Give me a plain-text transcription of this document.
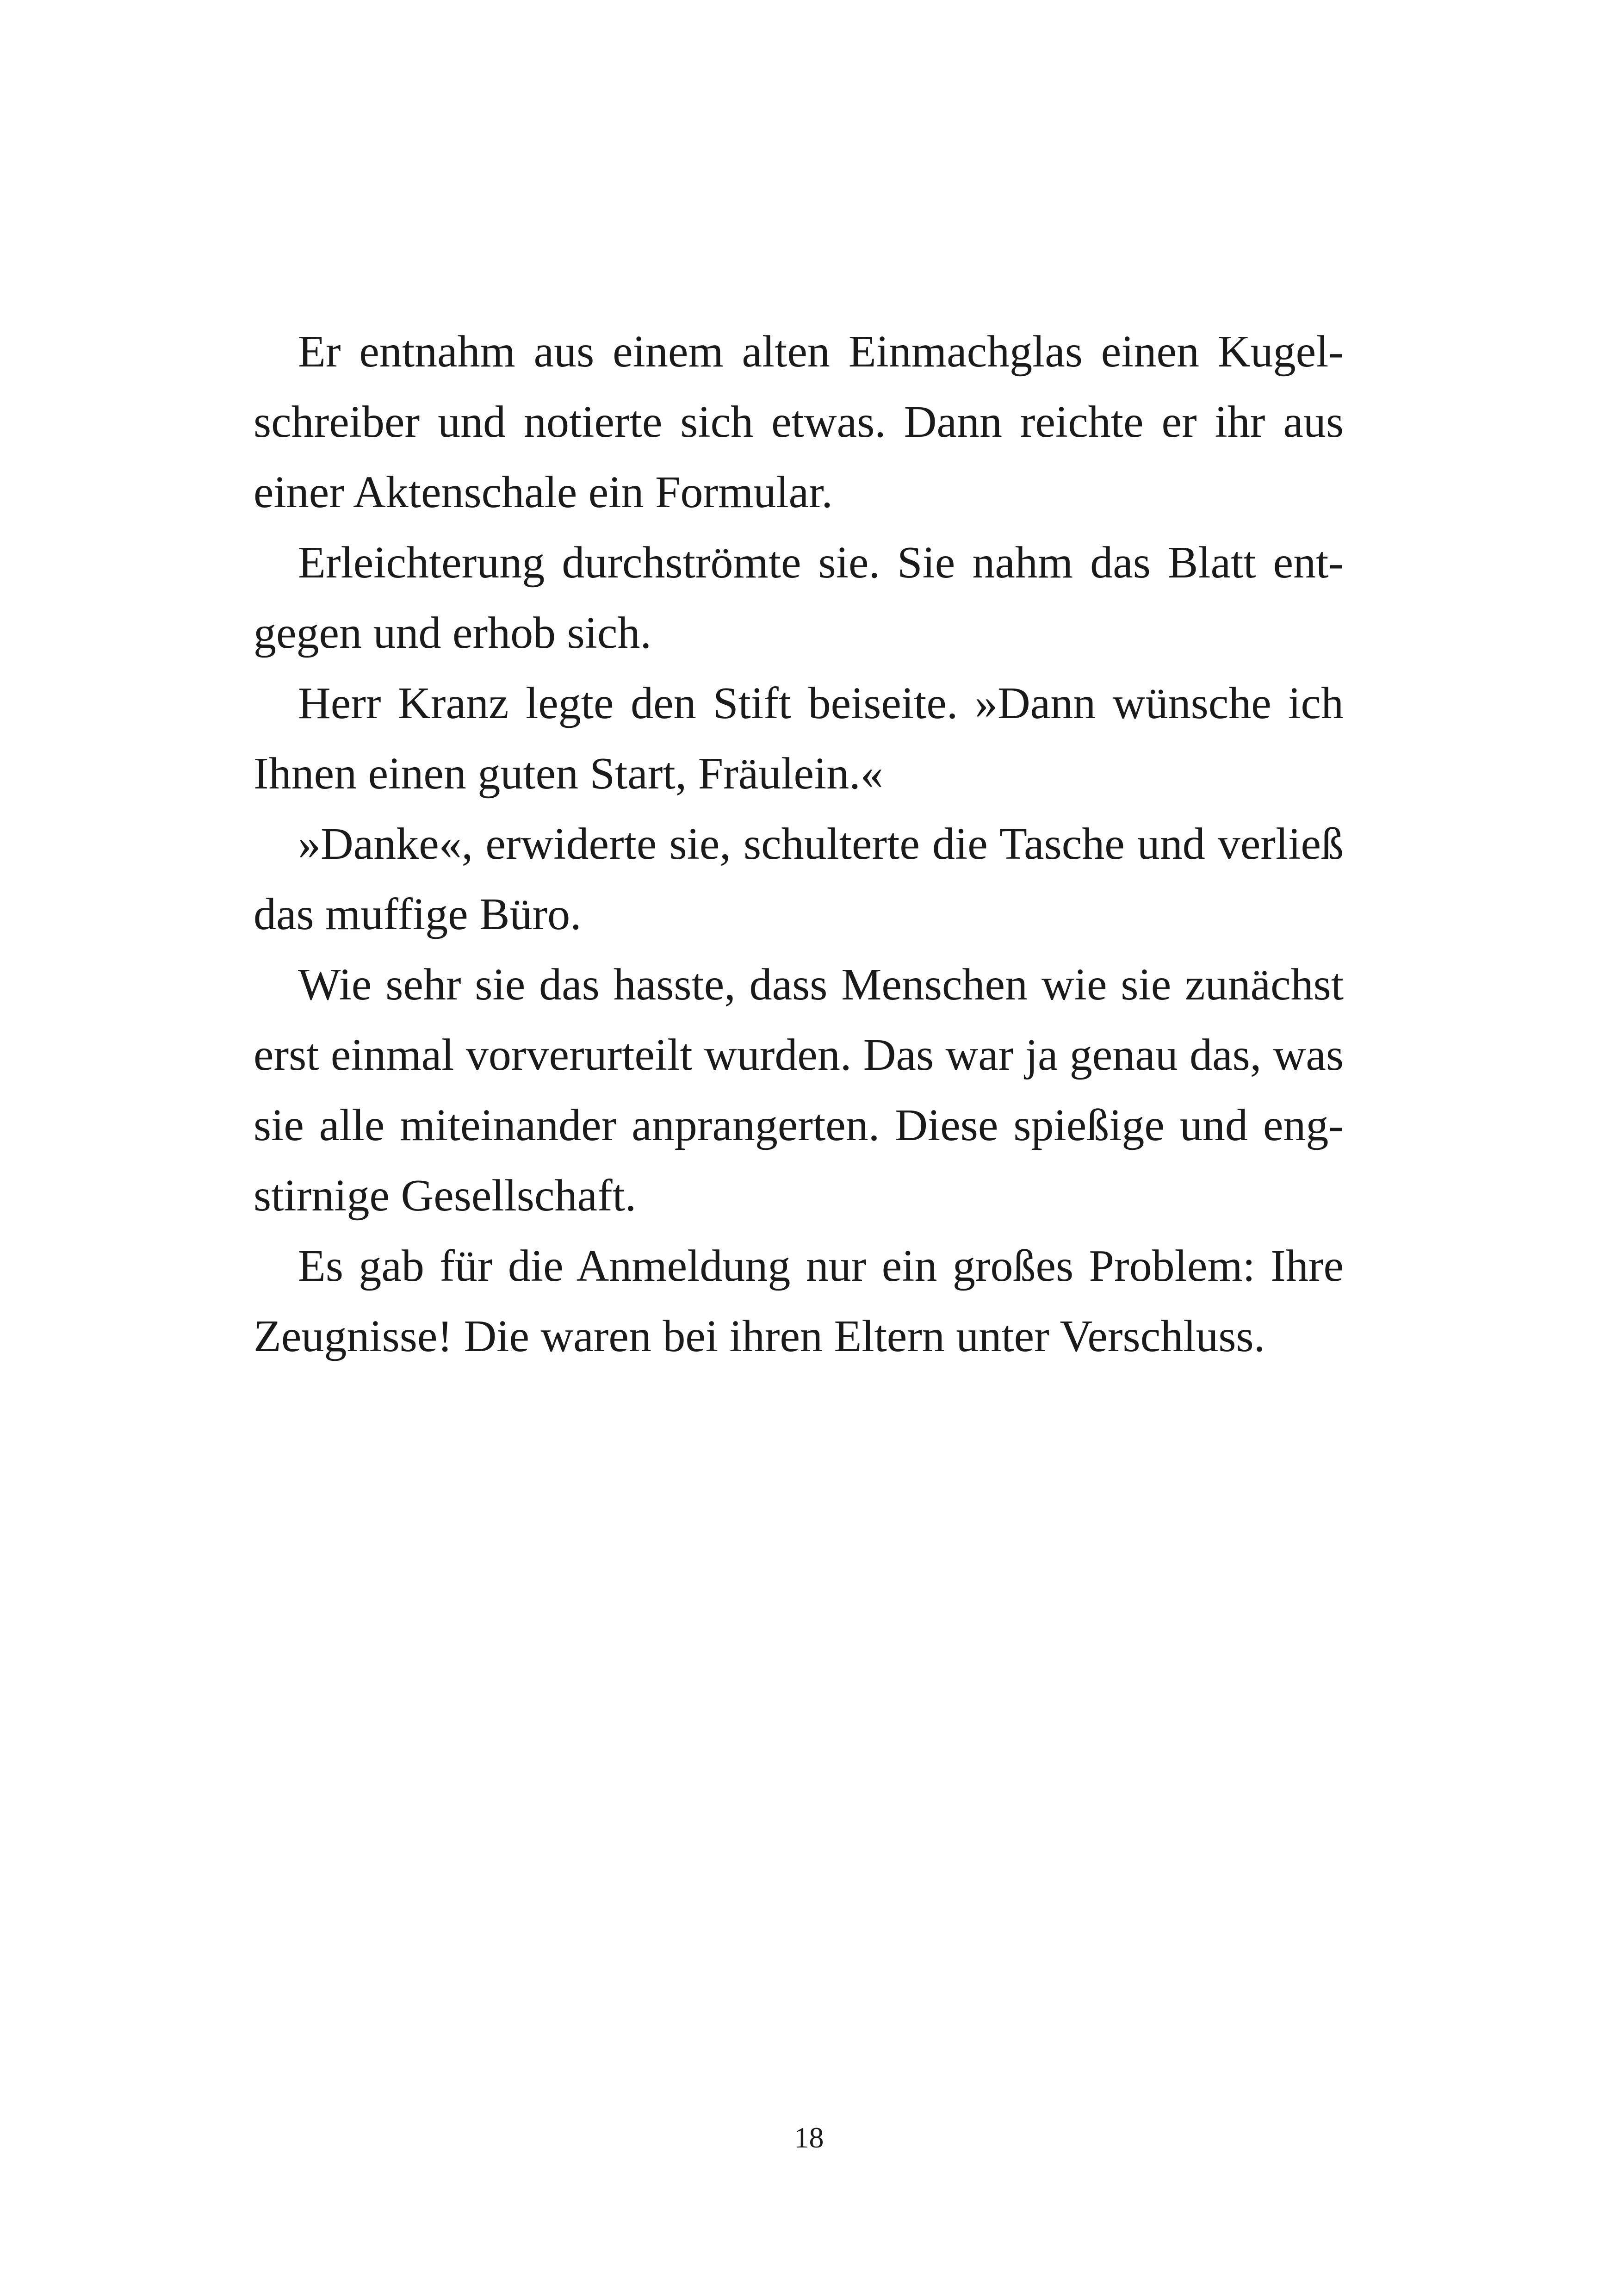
Er entnahm aus einem alten Einmachglas einen Kugel-
schreiber und notierte sich etwas. Dann reichte er ihr aus
einer Aktenschale ein Formular.
Erleichterung durchströmte sie. Sie nahm das Blatt ent-
gegen und erhob sich.
Herr Kranz legte den Stift beiseite. »Dann wünsche ich
Ihnen einen guten Start, Fräulein.«
»Danke«, erwiderte sie, schulterte die Tasche und verließ
das muffige Büro.
Wie sehr sie das hasste, dass Menschen wie sie zunächst
erst einmal vorverurteilt wurden. Das war ja genau das, was
sie alle miteinander anprangerten. Diese spießige und eng-
stirnige Gesellschaft.
Es gab für die Anmeldung nur ein großes Problem: Ihre
Zeugnisse! Die waren bei ihren Eltern unter Verschluss.
18
